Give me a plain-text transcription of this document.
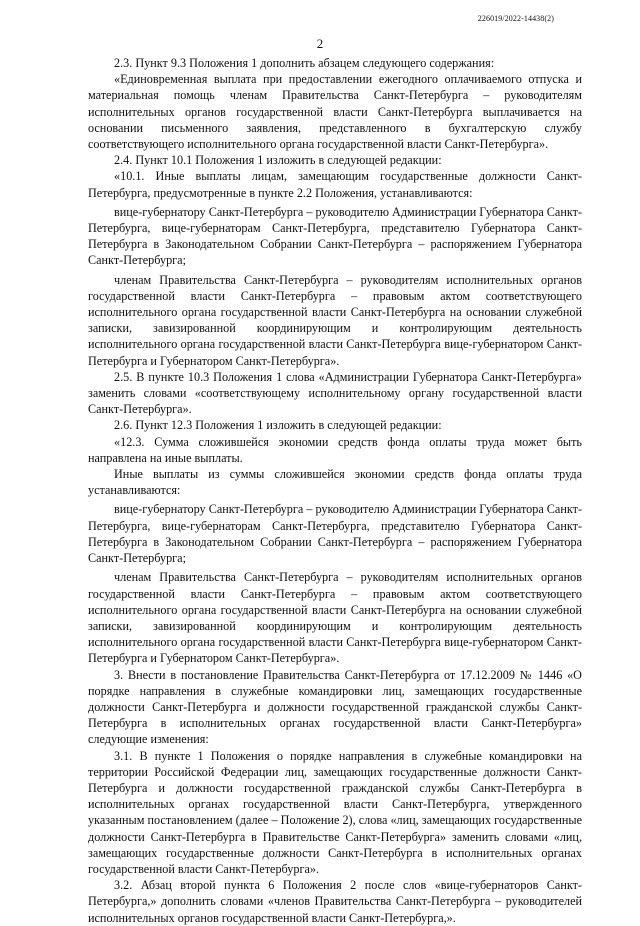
226019/2022-14438(2)
2

2.3. Пункт 9.3 Положения 1 дополнить абзацем следующего содержания:

«Единовременная выплата при предоставлении ежегодного оплачиваемого отпуска и материальная помощь членам Правительства Санкт-Петербурга – руководителям исполнительных органов государственной власти Санкт-Петербурга выплачивается на основании письменного заявления, представленного в бухгалтерскую службу соответствующего исполнительного органа государственной власти Санкт-Петербурга».

2.4. Пункт 10.1 Положения 1 изложить в следующей редакции:

«10.1. Иные выплаты лицам, замещающим государственные должности Санкт-Петербурга, предусмотренные в пункте 2.2 Положения, устанавливаются:

вице-губернатору Санкт-Петербурга – руководителю Администрации Губернатора Санкт-Петербурга, вице-губернаторам Санкт-Петербурга, представителю Губернатора Санкт-Петербурга в Законодательном Собрании Санкт-Петербурга – распоряжением Губернатора Санкт-Петербурга;

членам Правительства Санкт-Петербурга – руководителям исполнительных органов государственной власти Санкт-Петербурга – правовым актом соответствующего исполнительного органа государственной власти Санкт-Петербурга на основании служебной записки, завизированной координирующим и контролирующим деятельность исполнительного органа государственной власти Санкт-Петербурга вице-губернатором Санкт-Петербурга и Губернатором Санкт-Петербурга».

2.5. В пункте 10.3 Положения 1 слова «Администрации Губернатора Санкт-Петербурга» заменить словами «соответствующему исполнительному органу государственной власти Санкт-Петербурга».

2.6. Пункт 12.3 Положения 1 изложить в следующей редакции:

«12.3. Сумма сложившейся экономии средств фонда оплаты труда может быть направлена на иные выплаты.

Иные выплаты из суммы сложившейся экономии средств фонда оплаты труда устанавливаются:

вице-губернатору Санкт-Петербурга – руководителю Администрации Губернатора Санкт-Петербурга, вице-губернаторам Санкт-Петербурга, представителю Губернатора Санкт-Петербурга в Законодательном Собрании Санкт-Петербурга – распоряжением Губернатора Санкт-Петербурга;

членам Правительства Санкт-Петербурга – руководителям исполнительных органов государственной власти Санкт-Петербурга – правовым актом соответствующего исполнительного органа государственной власти Санкт-Петербурга на основании служебной записки, завизированной координирующим и контролирующим деятельность исполнительного органа государственной власти Санкт-Петербурга вице-губернатором Санкт-Петербурга и Губернатором Санкт-Петербурга».

3. Внести в постановление Правительства Санкт-Петербурга от 17.12.2009 № 1446 «О порядке направления в служебные командировки лиц, замещающих государственные должности Санкт-Петербурга и должности государственной гражданской службы Санкт-Петербурга в исполнительных органах государственной власти Санкт-Петербурга» следующие изменения:

3.1. В пункте 1 Положения о порядке направления в служебные командировки на территории Российской Федерации лиц, замещающих государственные должности Санкт-Петербурга и должности государственной гражданской службы Санкт-Петербурга в исполнительных органах государственной власти Санкт-Петербурга, утвержденного указанным постановлением (далее – Положение 2), слова «лиц, замещающих государственные должности Санкт-Петербурга в Правительстве Санкт-Петербурга» заменить словами «лиц, замещающих государственные должности Санкт-Петербурга в исполнительных органах государственной власти Санкт-Петербурга».

3.2. Абзац второй пункта 6 Положения 2 после слов «вице-губернаторов Санкт-Петербурга,» дополнить словами «членов Правительства Санкт-Петербурга – руководителей исполнительных органов государственной власти Санкт-Петербурга,».
